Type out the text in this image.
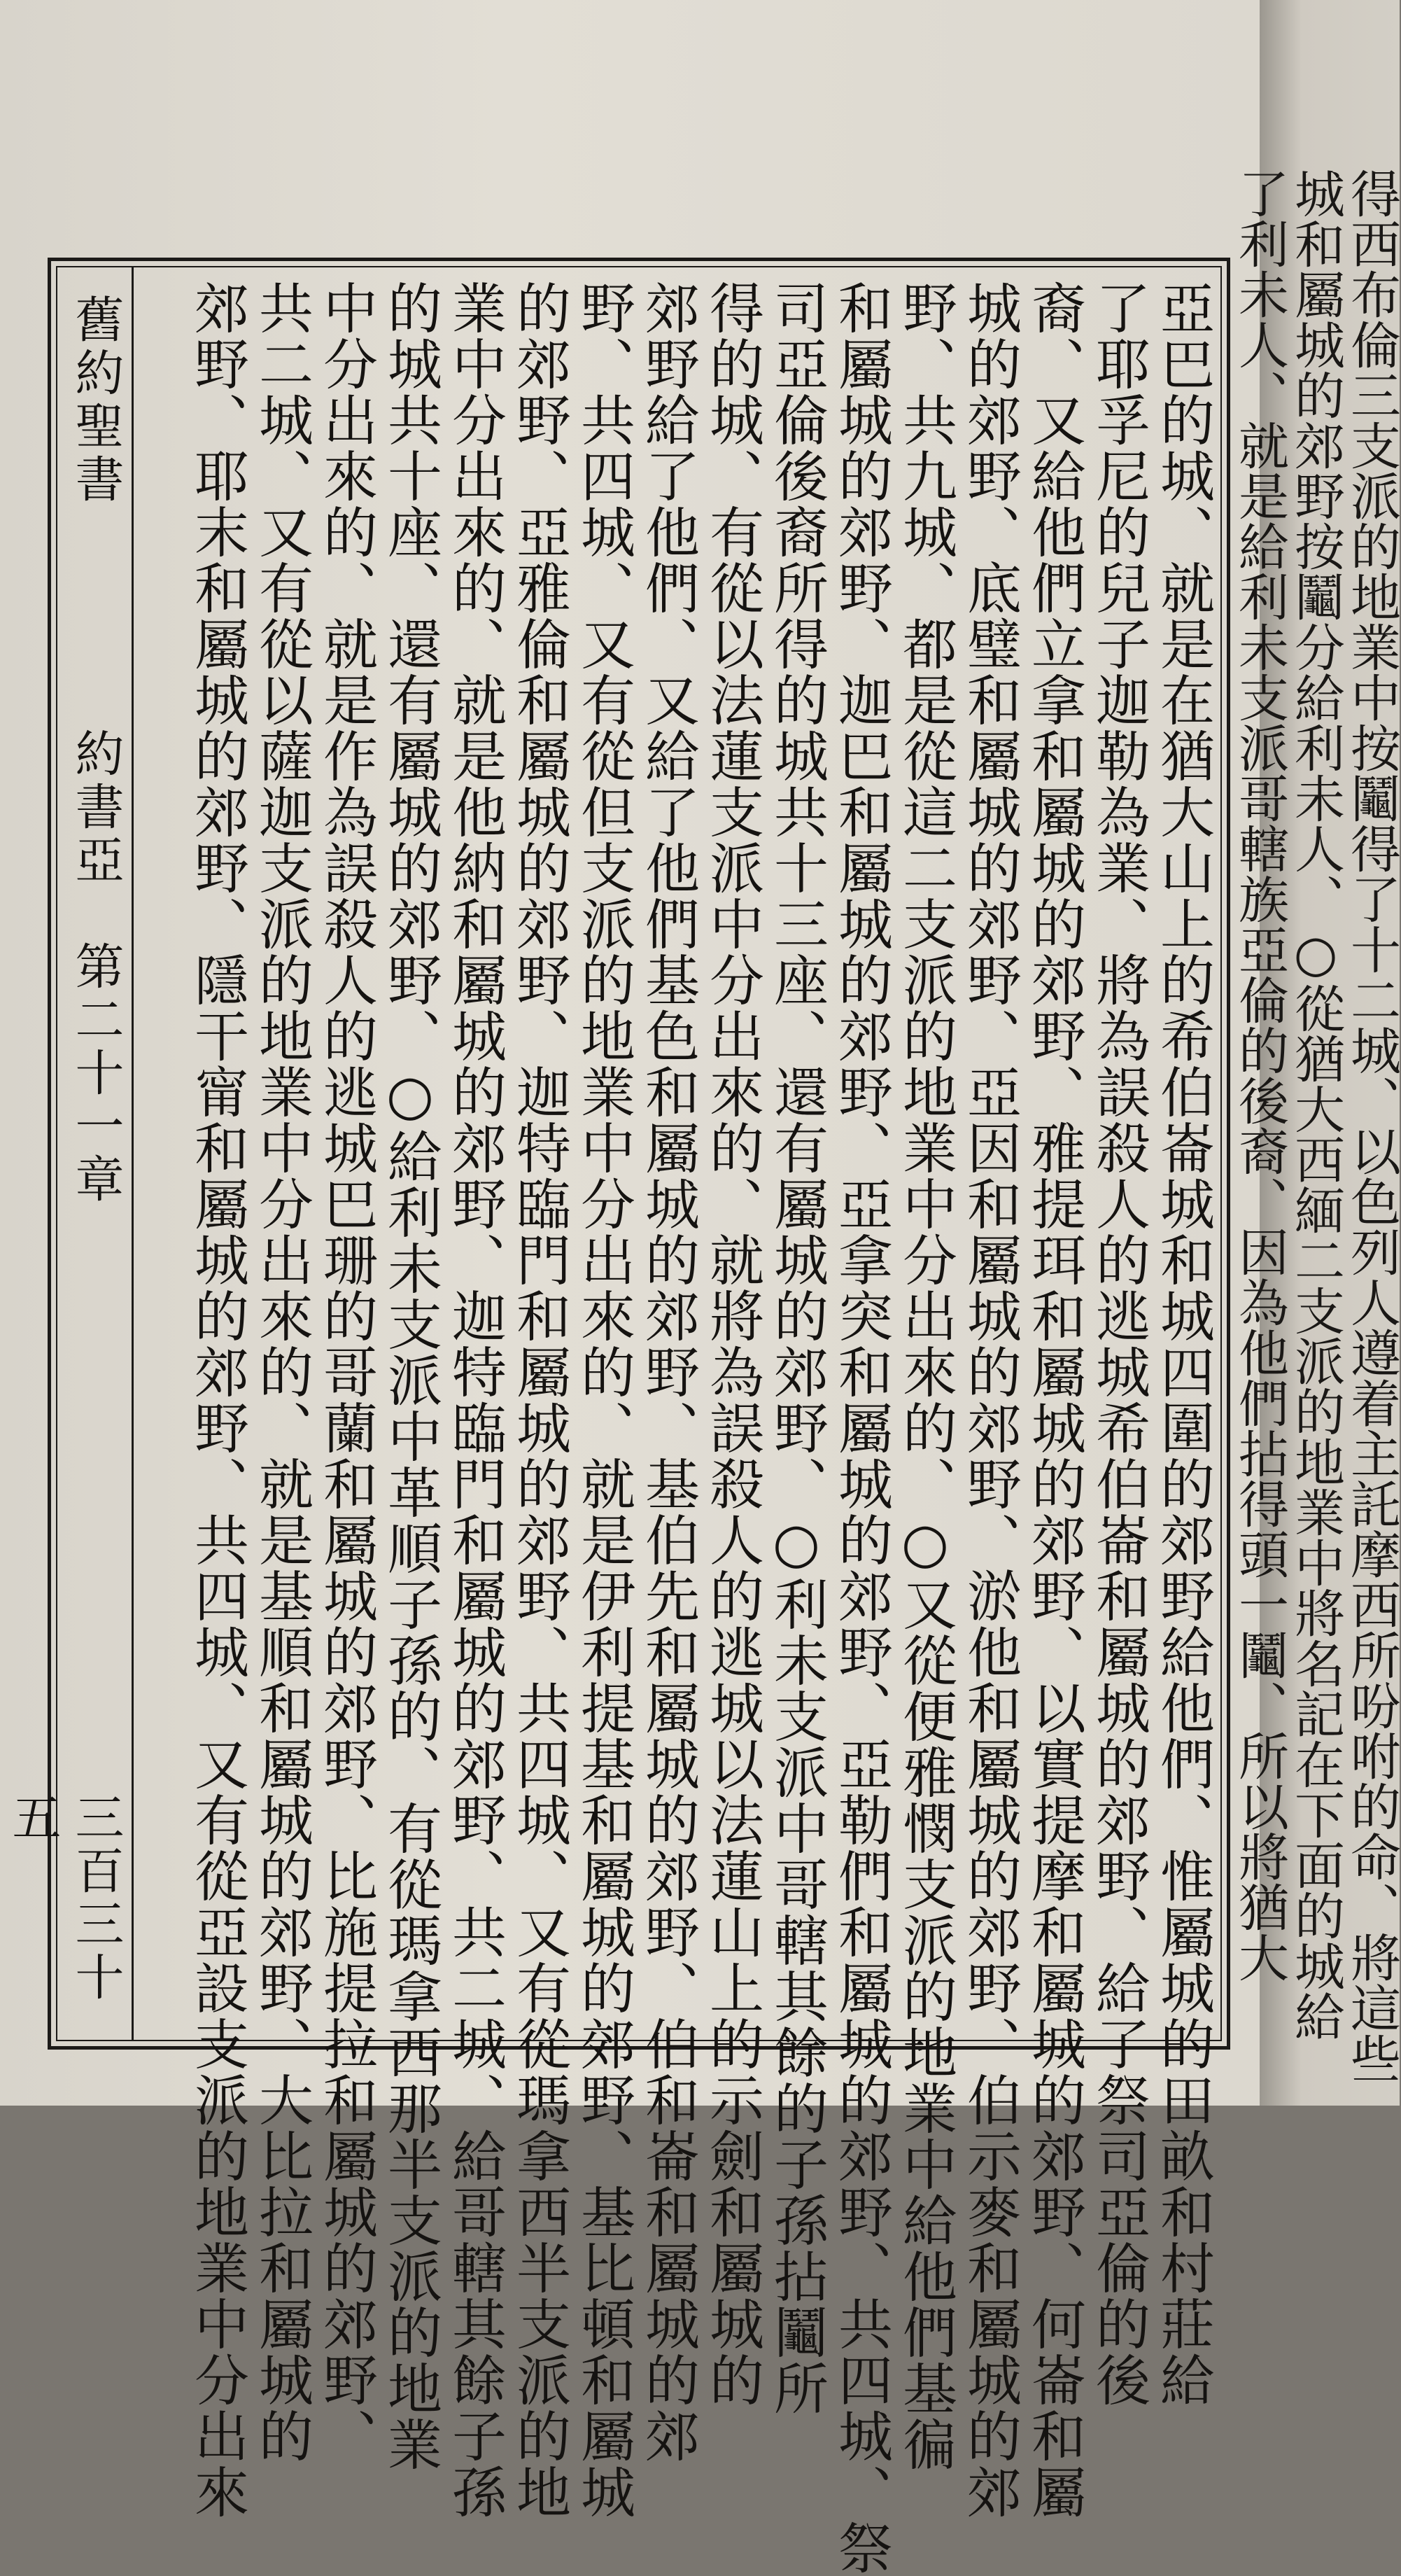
得西布倫三支派的地業中按鬮得了十二城、以色列人遵着主託摩西所吩咐的命、將這些
城和屬城的郊野按鬮分給利未人、○從猶大西緬二支派的地業中將名記在下面的城給
了利未人、就是給利未支派哥轄族亞倫的後裔、因為他們拈得頭一鬮、所以將猶大
舊約聖書
約書亞　第二十一章
三百三十五	亞巴的城、就是在猶大山上的希伯崙城和城四圍的郊野給他們、惟屬城的田畝和村莊給
了耶孚尼的兒子迦勒為業、將為誤殺人的逃城希伯崙和屬城的郊野、給了祭司亞倫的後
裔、又給他們立拿和屬城的郊野、雅提珥和屬城的郊野、以實提摩和屬城的郊野、何崙和屬
城的郊野、底璧和屬城的郊野、亞因和屬城的郊野、淤他和屬城的郊野、伯示麥和屬城的郊
野、共九城、都是從這二支派的地業中分出來的、○又從便雅憫支派的地業中給他們基徧
和屬城的郊野、迦巴和屬城的郊野、亞拿突和屬城的郊野、亞勒們和屬城的郊野、共四城、祭
司亞倫後裔所得的城共十三座、還有屬城的郊野、○利未支派中哥轄其餘的子孫拈鬮所
得的城、有從以法蓮支派中分出來的、就將為誤殺人的逃城以法蓮山上的示劍和屬城的
郊野給了他們、又給了他們基色和屬城的郊野、基伯先和屬城的郊野、伯和崙和屬城的郊
野、共四城、又有從但支派的地業中分出來的、就是伊利提基和屬城的郊野、基比頓和屬城
的郊野、亞雅倫和屬城的郊野、迦特臨門和屬城的郊野、共四城、又有從瑪拿西半支派的地
業中分出來的、就是他納和屬城的郊野、迦特臨門和屬城的郊野、共二城、給哥轄其餘子孫
的城共十座、還有屬城的郊野、○給利未支派中革順子孫的、有從瑪拿西那半支派的地業
中分出來的、就是作為誤殺人的逃城巴珊的哥蘭和屬城的郊野、比施提拉和屬城的郊野、
共二城、又有從以薩迦支派的地業中分出來的、就是基順和屬城的郊野、大比拉和屬城的
郊野、耶末和屬城的郊野、隱干甯和屬城的郊野、共四城、又有從亞設支派的地業中分出來
